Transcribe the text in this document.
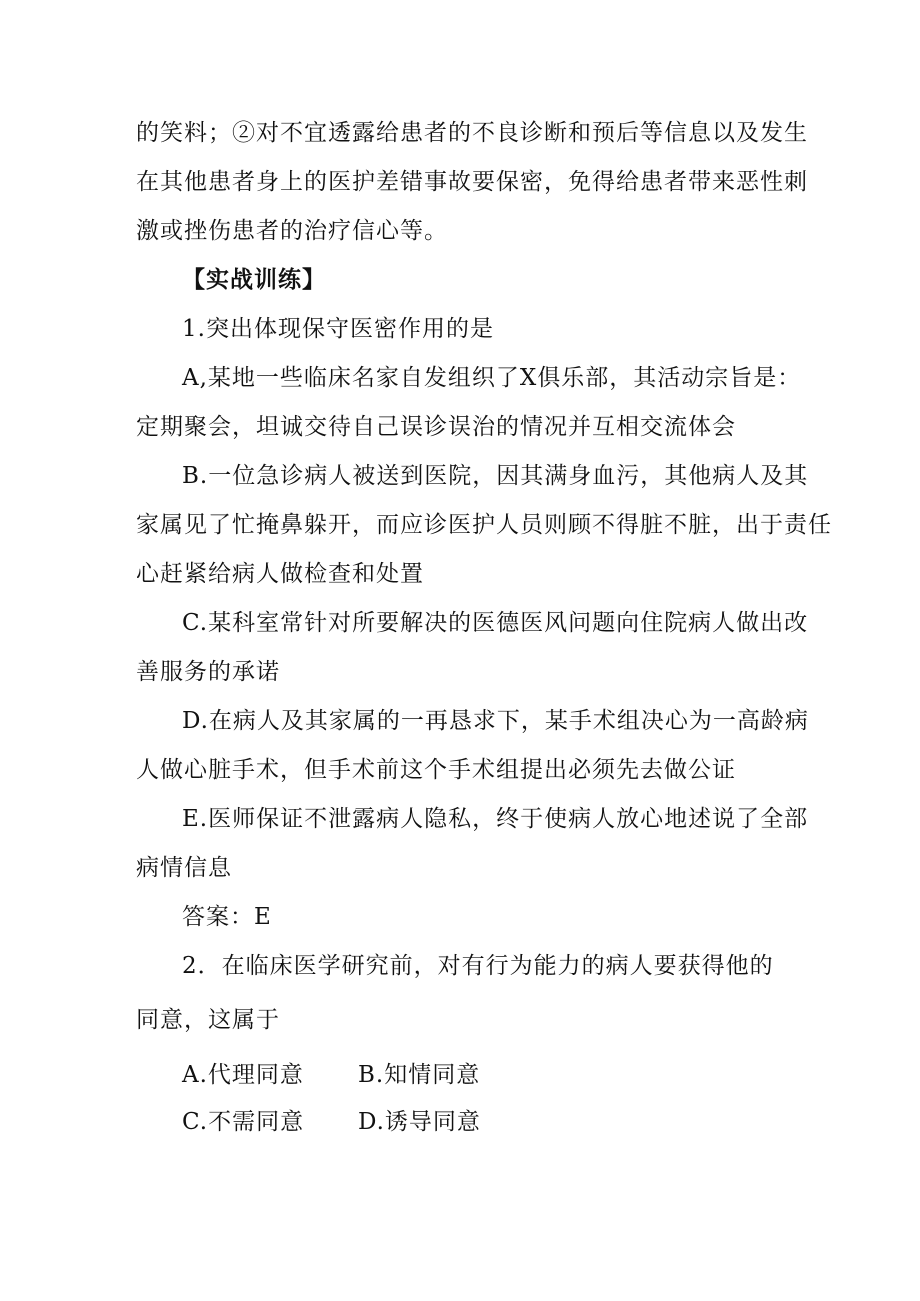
的笑料；②对不宜透露给患者的不良诊断和预后等信息以及发生
在其他患者身上的医护差错事故要保密，免得给患者带来恶性刺
激或挫伤患者的治疗信心等。
【实战训练】
1.突出体现保守医密作用的是
A,某地一些临床名家自发组织了X俱乐部，其活动宗旨是：
定期聚会，坦诚交待自己误诊误治的情况并互相交流体会
B.一位急诊病人被送到医院，因其满身血污，其他病人及其
家属见了忙掩鼻躲开，而应诊医护人员则顾不得脏不脏，出于责任
心赶紧给病人做检查和处置
C.某科室常针对所要解决的医德医风问题向住院病人做出改
善服务的承诺
D.在病人及其家属的一再恳求下，某手术组决心为一高龄病
人做心脏手术，但手术前这个手术组提出必须先去做公证
E.医师保证不泄露病人隐私，终于使病人放心地述说了全部
病情信息
答案：E
2．在临床医学研究前，对有行为能力的病人要获得他的
同意，这属于
A.代理同意 B.知情同意
C.不需同意 D.诱导同意
